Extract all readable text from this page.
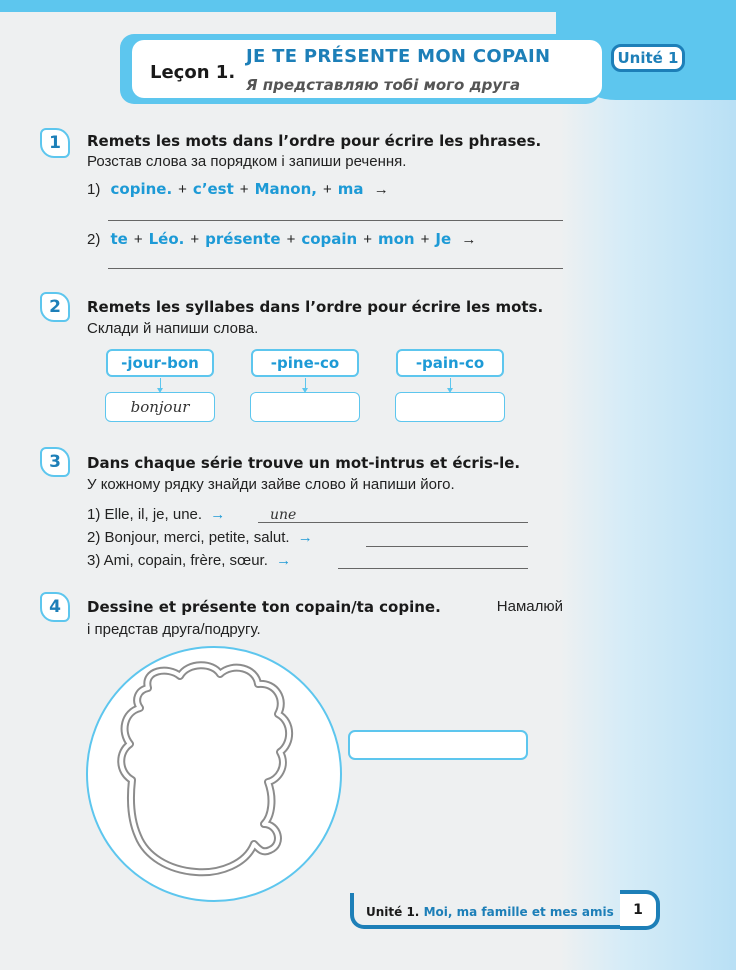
Leçon 1.
JE TE PRÉSENTE MON COPAIN
Я представляю тобі мого друга
Unité 1
1	Remets les mots dans l’ordre pour écrire les phrases.
Розстав слова за порядком і запиши речення.
1) copine. + c’est + Manon, + ma →
2) te + Léo. + présente + copain + mon + Je →
2	Remets les syllabes dans l’ordre pour écrire les mots.
Склади й напиши слова.
-jour-bon	-pine-co	-pain-co
bonjour
3	Dans chaque série trouve un mot-intrus et écris-le.
У кожному рядку знайди зайве слово й напиши його.
1) Elle, il, je, une. →	une
2) Bonjour, merci, petite, salut. →
3) Ami, copain, frère, sœur. →
4	Dessine et présente ton copain/ta copine.	Намалюй
і представ друга/подругу.
Unité 1. Moi, ma famille et mes amis	1
